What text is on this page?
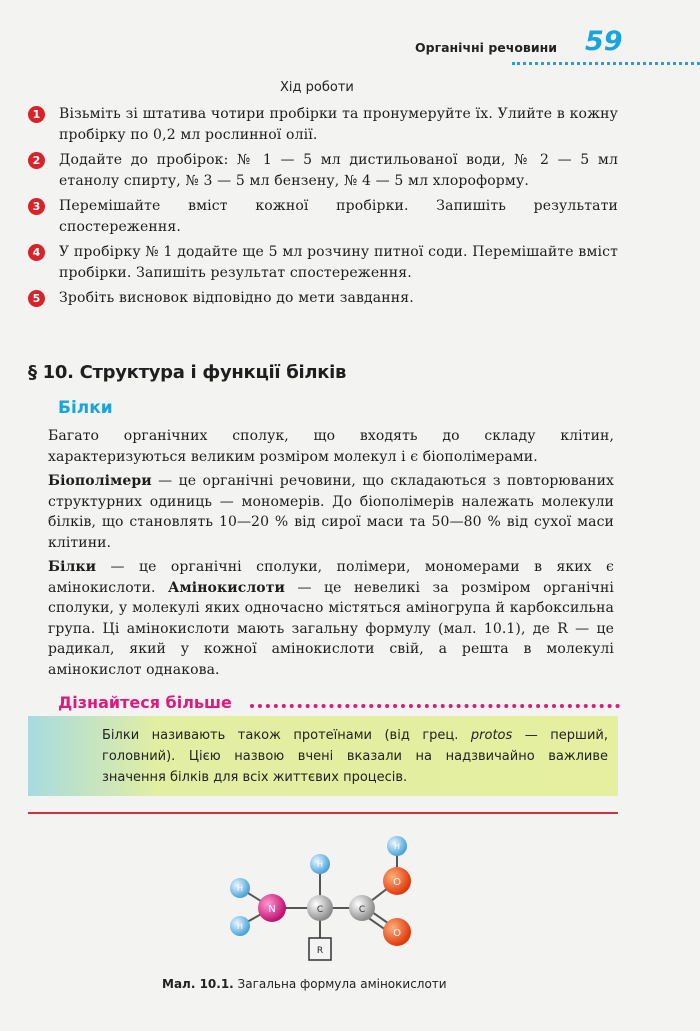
Органічні речовини 59
Хід роботи
1	Візьміть зі штатива чотири пробірки та пронумеруйте їх. Улийте в кожну пробірку по 0,2 мл рослинної олії.
2	Додайте до пробірок: № 1 — 5 мл дистильованої води, № 2 — 5 мл етанолу спирту, № 3 — 5 мл бензену, № 4 — 5 мл хлороформу.
3	Перемішайте вміст кожної пробірки. Запишіть результати спостереження.
4	У пробірку № 1 додайте ще 5 мл розчину питної соди. Перемішайте вміст пробірки. Запишіть результат спостереження.
5	Зробіть висновок відповідно до мети завдання.
§ 10. Структура і функції білків
Білки

Багато органічних сполук, що входять до складу клітин, характеризуються великим розміром молекул і є біополімерами.

Біополімери — це органічні речовини, що складаються з повторюваних структурних одиниць — мономерів. До біополімерів належать молекули білків, що становлять 10—20 % від сирої маси та 50—80 % від сухої маси клітини.

Білки — це органічні сполуки, полімери, мономерами в яких є амінокислоти. Амінокислоти — це невеликі за розміром органічні сполуки, у молекулі яких одночасно містяться аміногрупа й карбоксильна група. Ці амінокислоти мають загальну формулу (мал. 10.1), де R — це радикал, який у кожної амінокислоти свій, а решта в молекулі амінокислот однакова.

Дізнайтеся більше
Білки називають також протеїнами (від грец. protos — перший, головний). Цією назвою вчені вказали на надзвичайно важливе значення білків для всіх життєвих процесів.
R
H
H
N
H
C	C
H
O
O
Мал. 10.1. Загальна формула амінокислоти
